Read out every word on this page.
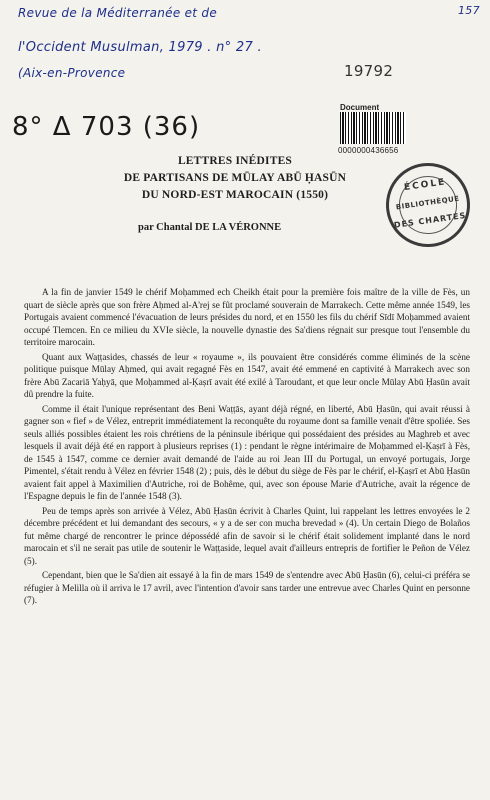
Revue de la Méditerranée et de
l'Occident Musulman, 1979 . n° 27 .
(Aix-en-Provence
157
19792
8° Δ 703 (36)
Document
0000000436656
ÉCOLE
BIBLIOTHÈQUE
DES CHARTES
LETTRES INÉDITES
DE PARTISANS DE MŪLAY ABŪ ḤASŪN
DU NORD-EST MAROCAIN (1550)
par Chantal DE LA VÉRONNE

A la fin de janvier 1549 le chérif Moḥammed ech Cheikh était pour la première fois maître de la ville de Fès, un quart de siècle après que son frère Aḥmed al-A'rej se fût proclamé souverain de Marrakech. Cette même année 1549, les Portugais avaient commencé l'évacuation de leurs présides du nord, et en 1550 les fils du chérif Sīdī Moḥammed avaient occupé Tlemcen. En ce milieu du XVIe siècle, la nouvelle dynastie des Sa'diens régnait sur presque tout l'ensemble du territoire marocain.

Quant aux Waṭṭasides, chassés de leur « royaume », ils pouvaient être considérés comme éliminés de la scène politique puisque Mūlay Aḥmed, qui avait regagné Fès en 1547, avait été emmené en captivité à Marrakech avec son frère Abū Zacariā Yaḥyā, que Moḥammed al-Ḳaṣrī avait été exilé à Taroudant, et que leur oncle Mūlay Abū Ḥasūn avait dû prendre la fuite.

Comme il était l'unique représentant des Beni Waṭṭās, ayant déjà régné, en liberté, Abū Ḥasūn, qui avait réussi à gagner son « fief » de Vélez, entreprit immédiatement la reconquête du royaume dont sa famille venait d'être spoliée. Ses seuls alliés possibles étaient les rois chrétiens de la péninsule ibérique qui possédaient des présides au Maghreb et avec lesquels il avait déjà été en rapport à plusieurs reprises (1) : pendant le règne intérimaire de Moḥammed el-Ḳaṣrī à Fès, de 1545 à 1547, comme ce dernier avait demandé de l'aide au roi Jean III du Portugal, un envoyé portugais, Jorge Pimentel, s'était rendu à Vélez en février 1548 (2) ; puis, dès le début du siège de Fès par le chérif, el-Ḳaṣrī et Abū Ḥasūn avaient fait appel à Maximilien d'Autriche, roi de Bohême, qui, avec son épouse Marie d'Autriche, avait la régence de l'Espagne depuis le fin de l'année 1548 (3).

Peu de temps après son arrivée à Vélez, Abū Ḥasūn écrivit à Charles Quint, lui rappelant les lettres envoyées le 2 décembre précédent et lui demandant des secours, « y a de ser con mucha brevedad » (4). Un certain Diego de Bolaños fut même chargé de rencontrer le prince dépossédé afin de savoir si le chérif était solidement implanté dans le nord marocain et s'il ne serait pas utile de soutenir le Waṭṭaside, lequel avait d'ailleurs entrepris de fortifier le Peñon de Vélez (5).

Cependant, bien que le Sa'dien ait essayé à la fin de mars 1549 de s'entendre avec Abū Ḥasūn (6), celui-ci préféra se réfugier à Melilla où il arriva le 17 avril, avec l'intention d'avoir sans tarder une entrevue avec Charles Quint en personne (7).
